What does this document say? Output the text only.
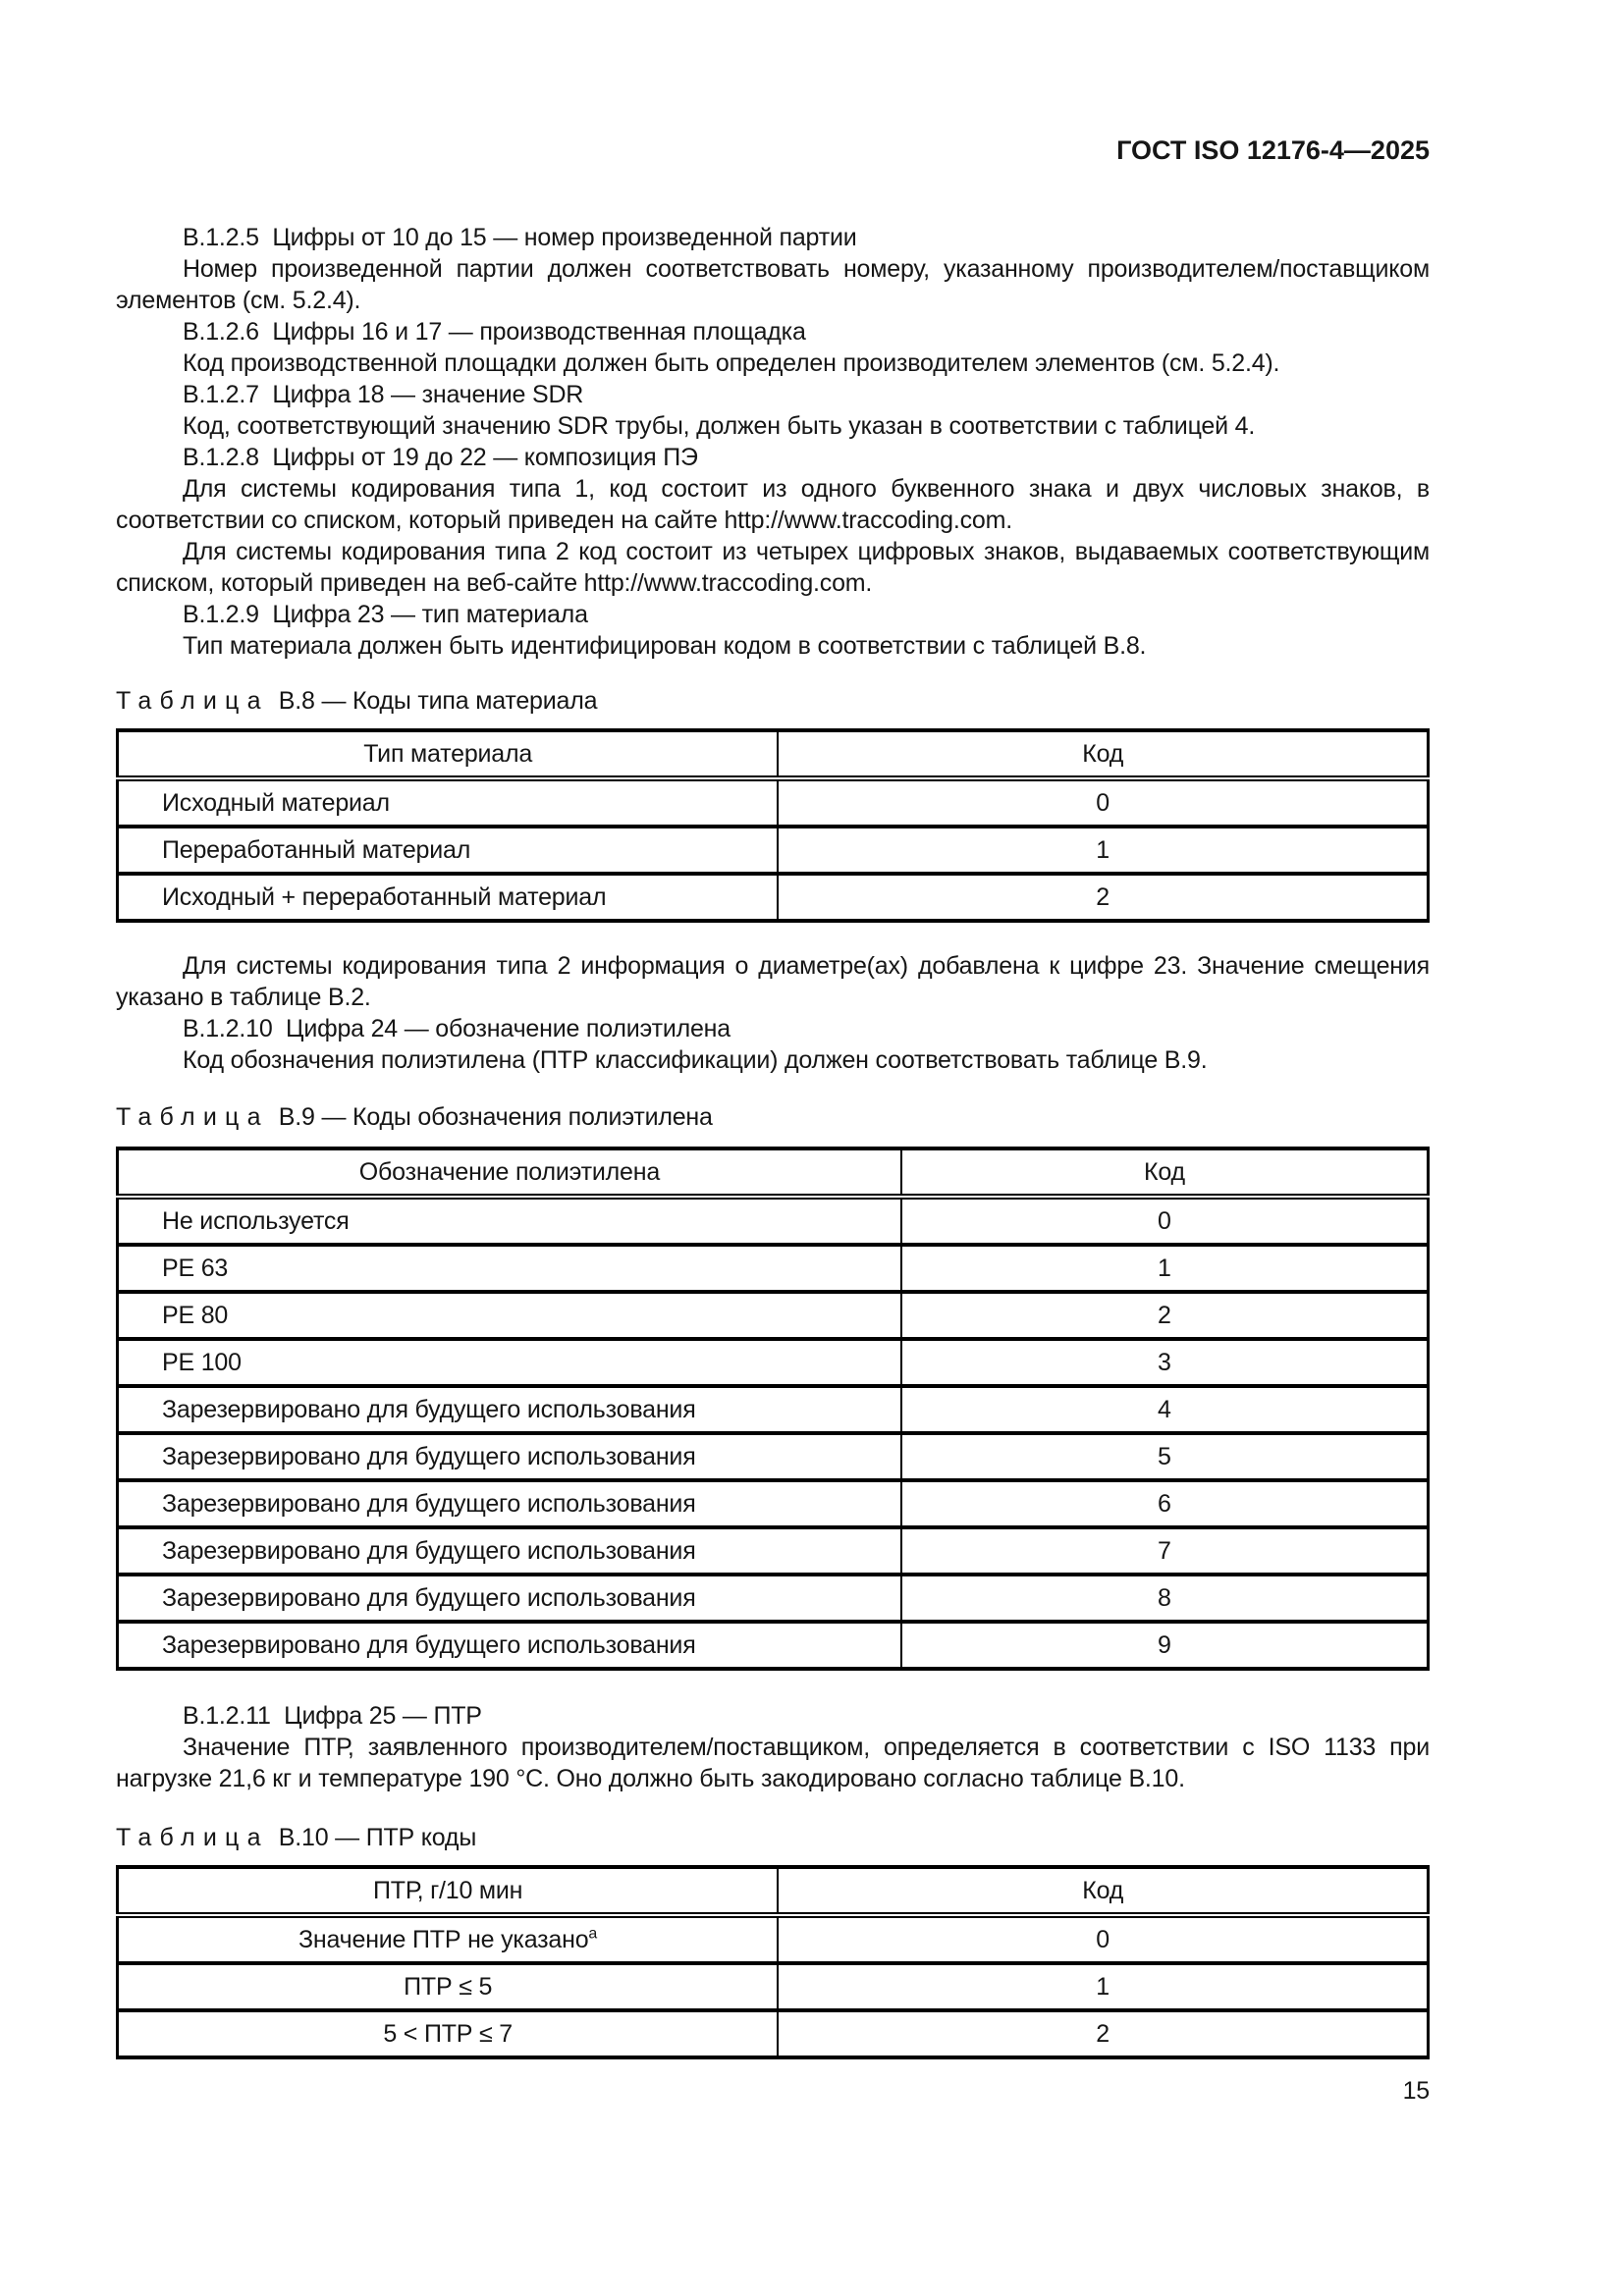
ГОСТ ISO 12176-4—2025

В.1.2.5  Цифры от 10 до 15 — номер произведенной партии

Номер произведенной партии должен соответствовать номеру, указанному производителем/поставщиком элементов (см. 5.2.4).

В.1.2.6  Цифры 16 и 17 — производственная площадка

Код производственной площадки должен быть определен производителем элементов (см. 5.2.4).

В.1.2.7  Цифра 18 — значение SDR

Код, соответствующий значению SDR трубы, должен быть указан в соответствии с таблицей 4.

В.1.2.8  Цифры от 19 до 22 — композиция ПЭ

Для системы кодирования типа 1, код состоит из одного буквенного знака и двух числовых знаков, в соответствии со списком, который приведен на сайте http://www.traccoding.com.

Для системы кодирования типа 2 код состоит из четырех цифровых знаков, выдаваемых соответствующим списком, который приведен на веб-сайте http://www.traccoding.com.

В.1.2.9  Цифра 23 — тип материала

Тип материала должен быть идентифицирован кодом в соответствии с таблицей В.8.

Таблица В.8 — Коды типа материала
Тип материала	Код
Исходный материал	0
Переработанный материал	1
Исходный + переработанный материал	2

Для системы кодирования типа 2 информация о диаметре(ах) добавлена к цифре 23. Значение смещения указано в таблице В.2.

В.1.2.10  Цифра 24 — обозначение полиэтилена

Код обозначения полиэтилена (ПТР классификации) должен соответствовать таблице В.9.

Таблица В.9 — Коды обозначения полиэтилена
Обозначение полиэтилена	Код
Не используется	0
PE 63	1
PE 80	2
PE 100	3
Зарезервировано для будущего использования	4
Зарезервировано для будущего использования	5
Зарезервировано для будущего использования	6
Зарезервировано для будущего использования	7
Зарезервировано для будущего использования	8
Зарезервировано для будущего использования	9

В.1.2.11  Цифра 25 — ПТР

Значение ПТР, заявленного производителем/поставщиком, определяется в соответствии с ISO 1133 при нагрузке 21,6 кг и температуре 190 °C. Оно должно быть закодировано согласно таблице В.10.

Таблица В.10 — ПТР коды
ПТР, г/10 мин	Код
Значение ПТР не указано$^а$	0
ПТР ≤ 5	1
5 < ПТР ≤ 7	2
15
